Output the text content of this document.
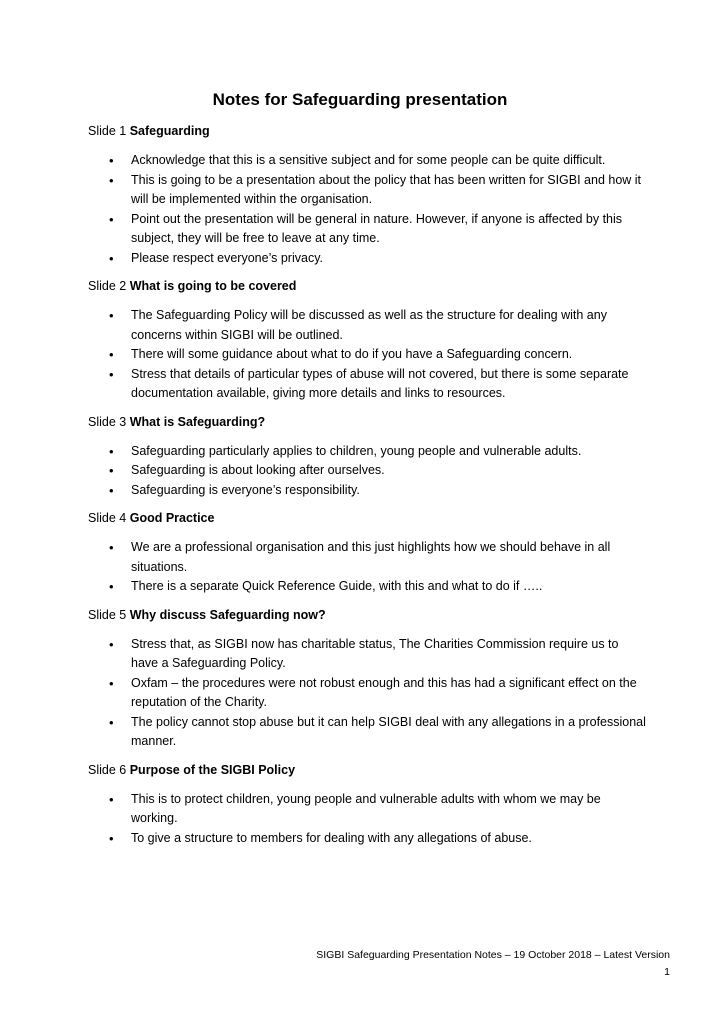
Notes for Safeguarding presentation

Slide 1 Safeguarding

• Acknowledge that this is a sensitive subject and for some people can be quite difficult.
• This is going to be a presentation about the policy that has been written for SIGBI and how it will be implemented within the organisation.
• Point out the presentation will be general in nature. However, if anyone is affected by this subject, they will be free to leave at any time.
• Please respect everyone’s privacy.

Slide 2 What is going to be covered

• The Safeguarding Policy will be discussed as well as the structure for dealing with any concerns within SIGBI will be outlined.
• There will some guidance about what to do if you have a Safeguarding concern.
• Stress that details of particular types of abuse will not covered, but there is some separate documentation available, giving more details and links to resources.

Slide 3 What is Safeguarding?

• Safeguarding particularly applies to children, young people and vulnerable adults.
• Safeguarding is about looking after ourselves.
• Safeguarding is everyone’s responsibility.

Slide 4 Good Practice

• We are a professional organisation and this just highlights how we should behave in all situations.
• There is a separate Quick Reference Guide, with this and what to do if …..

Slide 5 Why discuss Safeguarding now?

• Stress that, as SIGBI now has charitable status, The Charities Commission require us to have a Safeguarding Policy.
• Oxfam – the procedures were not robust enough and this has had a significant effect on the reputation of the Charity.
• The policy cannot stop abuse but it can help SIGBI deal with any allegations in a professional manner.

Slide 6 Purpose of the SIGBI Policy

• This is to protect children, young people and vulnerable adults with whom we may be working.
• To give a structure to members for dealing with any allegations of abuse.
SIGBI Safeguarding Presentation Notes – 19 October 2018 – Latest Version
1
